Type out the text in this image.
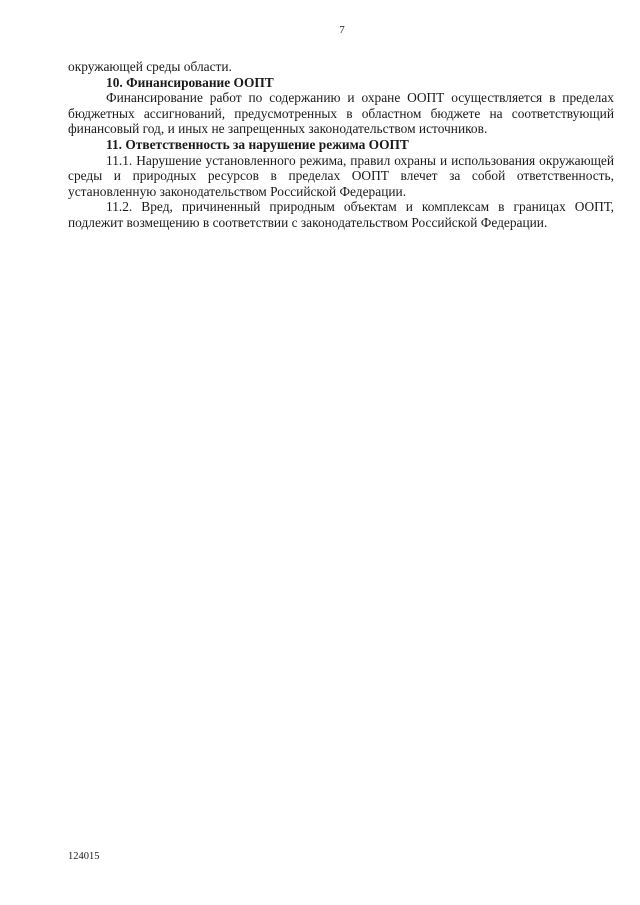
7

окружающей среды области.

10. Финансирование ООПТ

Финансирование работ по содержанию и охране ООПТ осуществляется в пределах бюджетных ассигнований, предусмотренных в областном бюджете на соответствующий финансовый год, и иных не запрещенных законодательством источников.

11. Ответственность за нарушение режима ООПТ

11.1. Нарушение установленного режима, правил охраны и использования окружающей среды и природных ресурсов в пределах ООПТ влечет за собой ответственность, установленную законодательством Российской Федерации.

11.2. Вред, причиненный природным объектам и комплексам в границах ООПТ, подлежит возмещению в соответствии с законодательством Российской Федерации.

124015
